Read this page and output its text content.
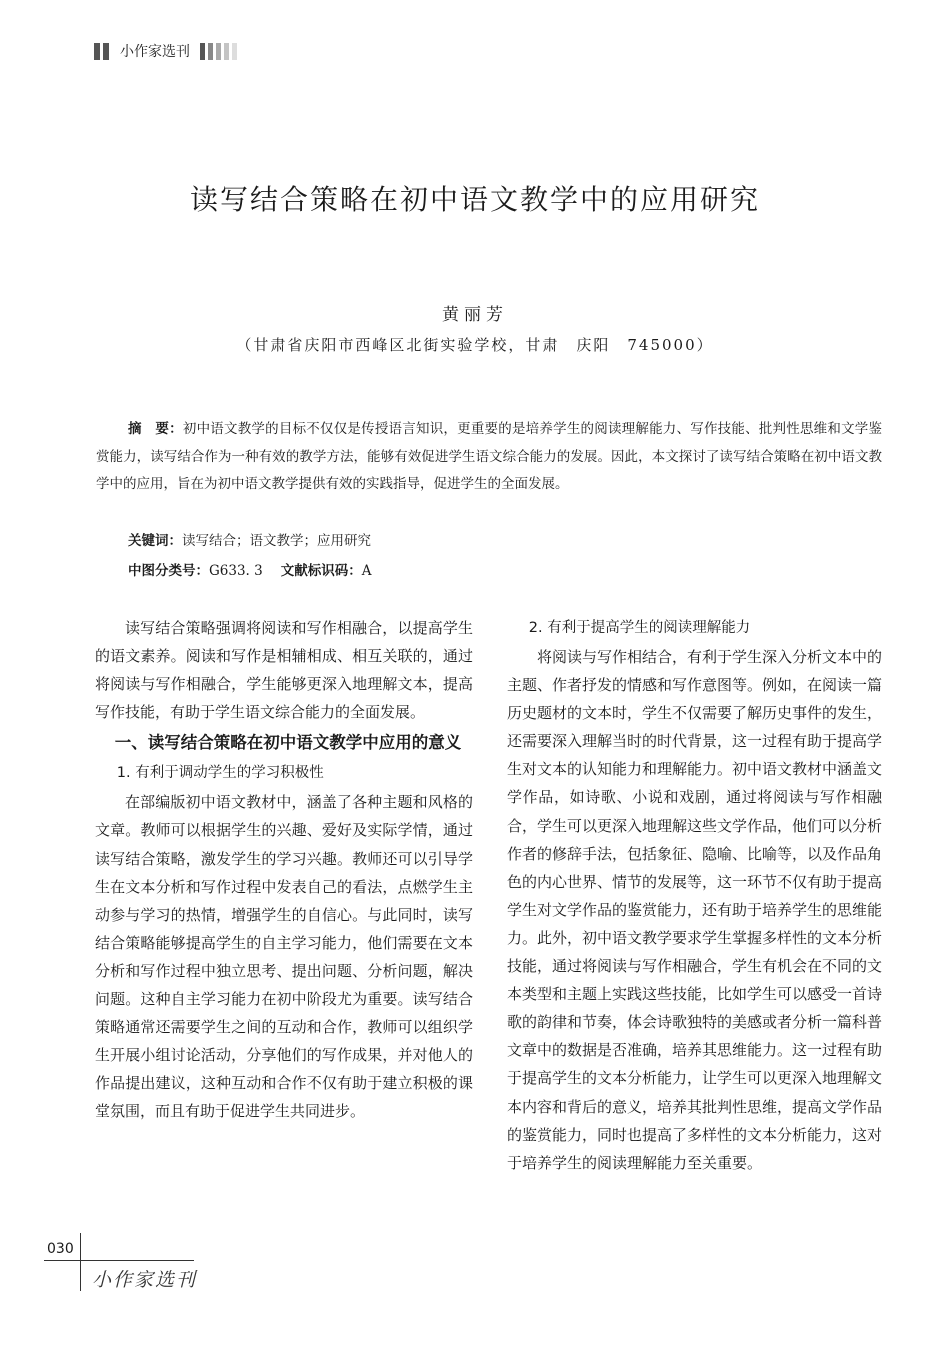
小作家选刊
读写结合策略在初中语文教学中的应用研究
黄丽芳
（甘肃省庆阳市西峰区北街实验学校，甘肃　庆阳　745000）
摘　要：初中语文教学的目标不仅仅是传授语言知识，更重要的是培养学生的阅读理解能力、写作技能、批判性思维和文学鉴赏能力，读写结合作为一种有效的教学方法，能够有效促进学生语文综合能力的发展。因此，本文探讨了读写结合策略在初中语文教学中的应用，旨在为初中语文教学提供有效的实践指导，促进学生的全面发展。
关键词：读写结合；语文教学；应用研究
中图分类号：G633. 3 文献标识码：A

读写结合策略强调将阅读和写作相融合，以提高学生的语文素养。阅读和写作是相辅相成、相互关联的，通过将阅读与写作相融合，学生能够更深入地理解文本，提高写作技能，有助于学生语文综合能力的全面发展。

一、读写结合策略在初中语文教学中应用的意义

1. 有利于调动学生的学习积极性

在部编版初中语文教材中，涵盖了各种主题和风格的文章。教师可以根据学生的兴趣、爱好及实际学情，通过读写结合策略，激发学生的学习兴趣。教师还可以引导学生在文本分析和写作过程中发表自己的看法，点燃学生主动参与学习的热情，增强学生的自信心。与此同时，读写结合策略能够提高学生的自主学习能力，他们需要在文本分析和写作过程中独立思考、提出问题、分析问题，解决问题。这种自主学习能力在初中阶段尤为重要。读写结合策略通常还需要学生之间的互动和合作，教师可以组织学生开展小组讨论活动，分享他们的写作成果，并对他人的作品提出建议，这种互动和合作不仅有助于建立积极的课堂氛围，而且有助于促进学生共同进步。

2. 有利于提高学生的阅读理解能力

将阅读与写作相结合，有利于学生深入分析文本中的主题、作者抒发的情感和写作意图等。例如，在阅读一篇历史题材的文本时，学生不仅需要了解历史事件的发生，还需要深入理解当时的时代背景，这一过程有助于提高学生对文本的认知能力和理解能力。初中语文教材中涵盖文学作品，如诗歌、小说和戏剧，通过将阅读与写作相融合，学生可以更深入地理解这些文学作品，他们可以分析作者的修辞手法，包括象征、隐喻、比喻等，以及作品角色的内心世界、情节的发展等，这一环节不仅有助于提高学生对文学作品的鉴赏能力，还有助于培养学生的思维能力。此外，初中语文教学要求学生掌握多样性的文本分析技能，通过将阅读与写作相融合，学生有机会在不同的文本类型和主题上实践这些技能，比如学生可以感受一首诗歌的韵律和节奏，体会诗歌独特的美感或者分析一篇科普文章中的数据是否准确，培养其思维能力。这一过程有助于提高学生的文本分析能力，让学生可以更深入地理解文本内容和背后的意义，培养其批判性思维，提高文学作品的鉴赏能力，同时也提高了多样性的文本分析能力，这对于培养学生的阅读理解能力至关重要。

030
小作家选刊
